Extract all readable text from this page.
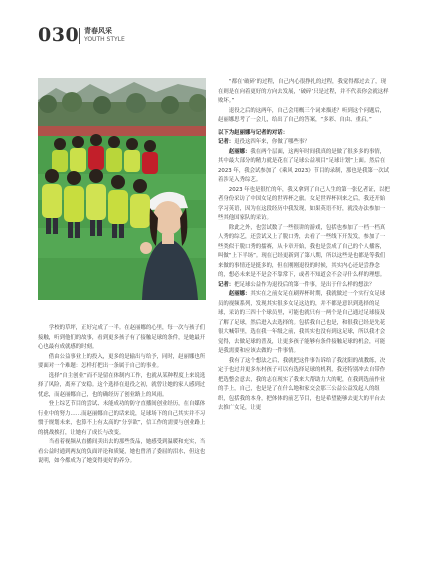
030 青春风采
YOUTH STYLE

学校的草坪，正好完成了一半。在赵丽娜的心里，每一次与孩子们接触，听到他们的故事，看到更多孩子有了接触足球的条件，是她最开心也最有成就感的时刻。

借由公益事业上的投入，更多的是输出与给予，同时，赵丽娜也所要面对一个难题：怎样打把出一条属于自己的事业。

选择“自主创业”而不是留在体制内工作，也就从某种程度上来说选择了风险，离弃了安稳。这个选择在退役之初，就曾让她的家人感到过忧虑，而赵丽娜自己，也的确经历了创业路上的风雨。

登上综艺节目的尝试、未能成功的防守直播间创业经历，在自媒体行业中的努力……而赵丽娜自己的话来说，足球场下的自己其实并不习惯于规划未来，也算不上有太高的“分享欲”，信工作的需要与创业路上的挑战挨打，让她有了成长与改变。

当看着视频从直播间卖出去的那些货品，她感受到温暖和充实，当看公益时通到两友的负面评论和质疑，她也曾消了委屈的泪水，但这也说明，如今都成为了她变得更好的养分。

“都在‘破碎’的过程，自己内心很挣扎的过程，我觉得都过去了，现在则是在向着更好的方向去发展，‘破碎’只是过程，并不代表你会就这样败坏。”

退役之后的这两年，自己会用概三个词来描述？听到这个问题后，赵丽娜思考了一会儿，给出了自己的答案，“多彩、自由、重启。”

以下为赵丽娜与记者的对话：

记者：退役这四年来，你做了哪些事？

赵丽娜：我在两个层面，这两年时间我真的是做了很多多的事情，其中最大部分的精力就是花在了足球公益项目“足球计划”上面。然后在 2023 年，我会试参加了《乘风 2023》节目的录制，那也是我第一次试着涉足入秀综艺。

2023 年也是很忙的年，我又拿到了自己人生的第一张亿者证，以把者身份采访了中国女足的世界杯之旅。女足世界杯回来之后，我还开始学习英语，因为在这段经历中我发现，如果英语不好，就没办法参加一些其他国家队的采访。

除此之外，也尝试数了一些很讲的游戏，包括也参加了一档一档真人秀的综艺，还尝试又上了脱口秀，去看了一些线下开发发，参加了一些类似于脱口秀的擂赛，从卡章开始，我也是尝成了自己的个人播客，叫做“上下半场”。现在已经更新到了第八期，所以这些是也都是等我们来做的事情还是挺多的，但在刚刚退役的时候，其实内心还是尝挣念的，想必未来是不是会不靠常下，或者不知道会不会寻什么样的理想。

记者：把足球公益作为退役后的第一件事，是出于什么样的想法？

赵丽娜：其实在之前女足在刷界杯时期，我就做过一个实行女足球员的视频系列，发现其实很多女足这边的，并不都是意识到选择的足球，采访的三四十个球员里，可能也就只有一两个是自己通过足球接及了解了足球，然后进入去选择的。包括我自己也是，和很我已经是先花很大喊带里，选在我一年级之前，我其实也没有到这足球，所以我才会觉得，去做足球的普及，让更多孩子能够有条件接触足球的机会，可能是我需要和应该去做的一件事情。

我有了这个想法之后，我就把这件事告诉给了我沈阳的战教练，决定于也过并更多东村孩子可以有选择足球的机利，我还特别冲去自带作把选整会意去，我的志在现实了我来大帮助力大的呢，在我到选前作业的手上，自己，也是是了在什么地和家交会那三公益公益发起人的组织，包括我的本身，把体体的前艺节目，也是希望能够去更大的平台去去推广女足，让更
